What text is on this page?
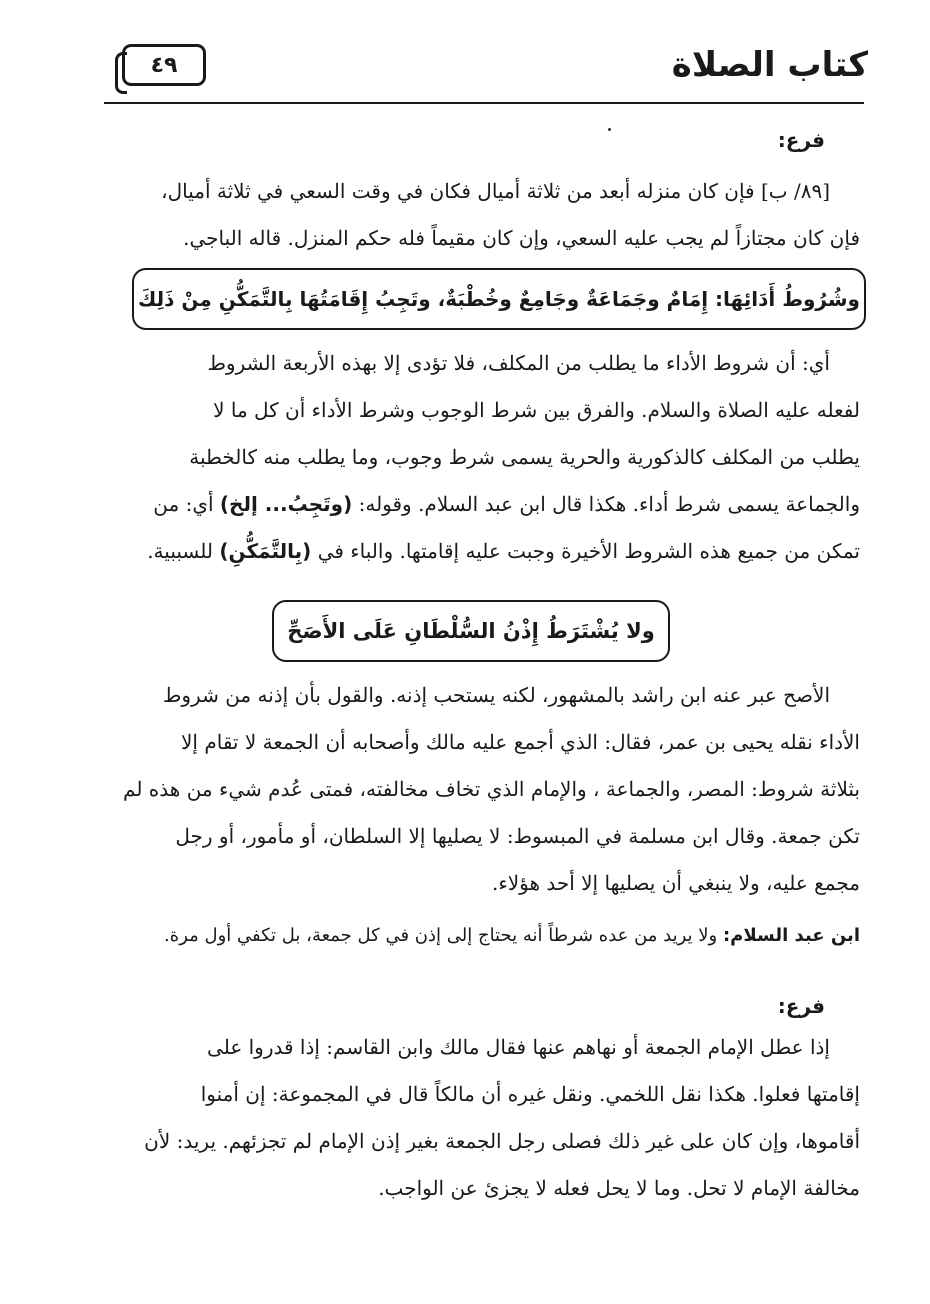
كتاب الصلاة
٤٩
فرع:
[٨٩/ ب] فإن كان منزله أبعد من ثلاثة أميال فكان في وقت السعي في ثلاثة أميال،
فإن كان مجتازاً لم يجب عليه السعي، وإن كان مقيماً فله حكم المنزل. قاله الباجي.
وشُرُوطُ أَدَائِهَا: إِمَامٌ وجَمَاعَةٌ وجَامِعٌ وخُطْبَةٌ، وتَجِبُ إِقَامَتُهَا بِالتَّمَكُّنِ مِنْ ذَلِكَ
أي: أن شروط الأداء ما يطلب من المكلف، فلا تؤدى إلا بهذه الأربعة الشروط
لفعله عليه الصلاة والسلام. والفرق بين شرط الوجوب وشرط الأداء أن كل ما لا
يطلب من المكلف كالذكورية والحرية يسمى شرط وجوب، وما يطلب منه كالخطبة
والجماعة يسمى شرط أداء. هكذا قال ابن عبد السلام. وقوله: (وتَجِبُ... إلخ) أي: من
تمكن من جميع هذه الشروط الأخيرة وجبت عليه إقامتها. والباء في (بِالتَّمَكُّنِ) للسببية.
ولا يُشْتَرَطُ إِذْنُ السُّلْطَانِ عَلَى الأَصَحِّ
الأصح عبر عنه ابن راشد بالمشهور، لكنه يستحب إذنه. والقول بأن إذنه من شروط
الأداء نقله يحيى بن عمر، فقال: الذي أجمع عليه مالك وأصحابه أن الجمعة لا تقام إلا
بثلاثة شروط: المصر، والجماعة ، والإمام الذي تخاف مخالفته، فمتى عُدم شيء من هذه لم
تكن جمعة. وقال ابن مسلمة في المبسوط: لا يصليها إلا السلطان، أو مأمور، أو رجل
مجمع عليه، ولا ينبغي أن يصليها إلا أحد هؤلاء.
ابن عبد السلام: ولا يريد من عده شرطاً أنه يحتاج إلى إذن في كل جمعة، بل تكفي أول مرة.
فرع:
إذا عطل الإمام الجمعة أو نهاهم عنها فقال مالك وابن القاسم: إذا قدروا على
إقامتها فعلوا. هكذا نقل اللخمي. ونقل غيره أن مالكاً قال في المجموعة: إن أمنوا
أقاموها، وإن كان على غير ذلك فصلى رجل الجمعة بغير إذن الإمام لم تجزئهم. يريد: لأن
مخالفة الإمام لا تحل. وما لا يحل فعله لا يجزئ عن الواجب.
